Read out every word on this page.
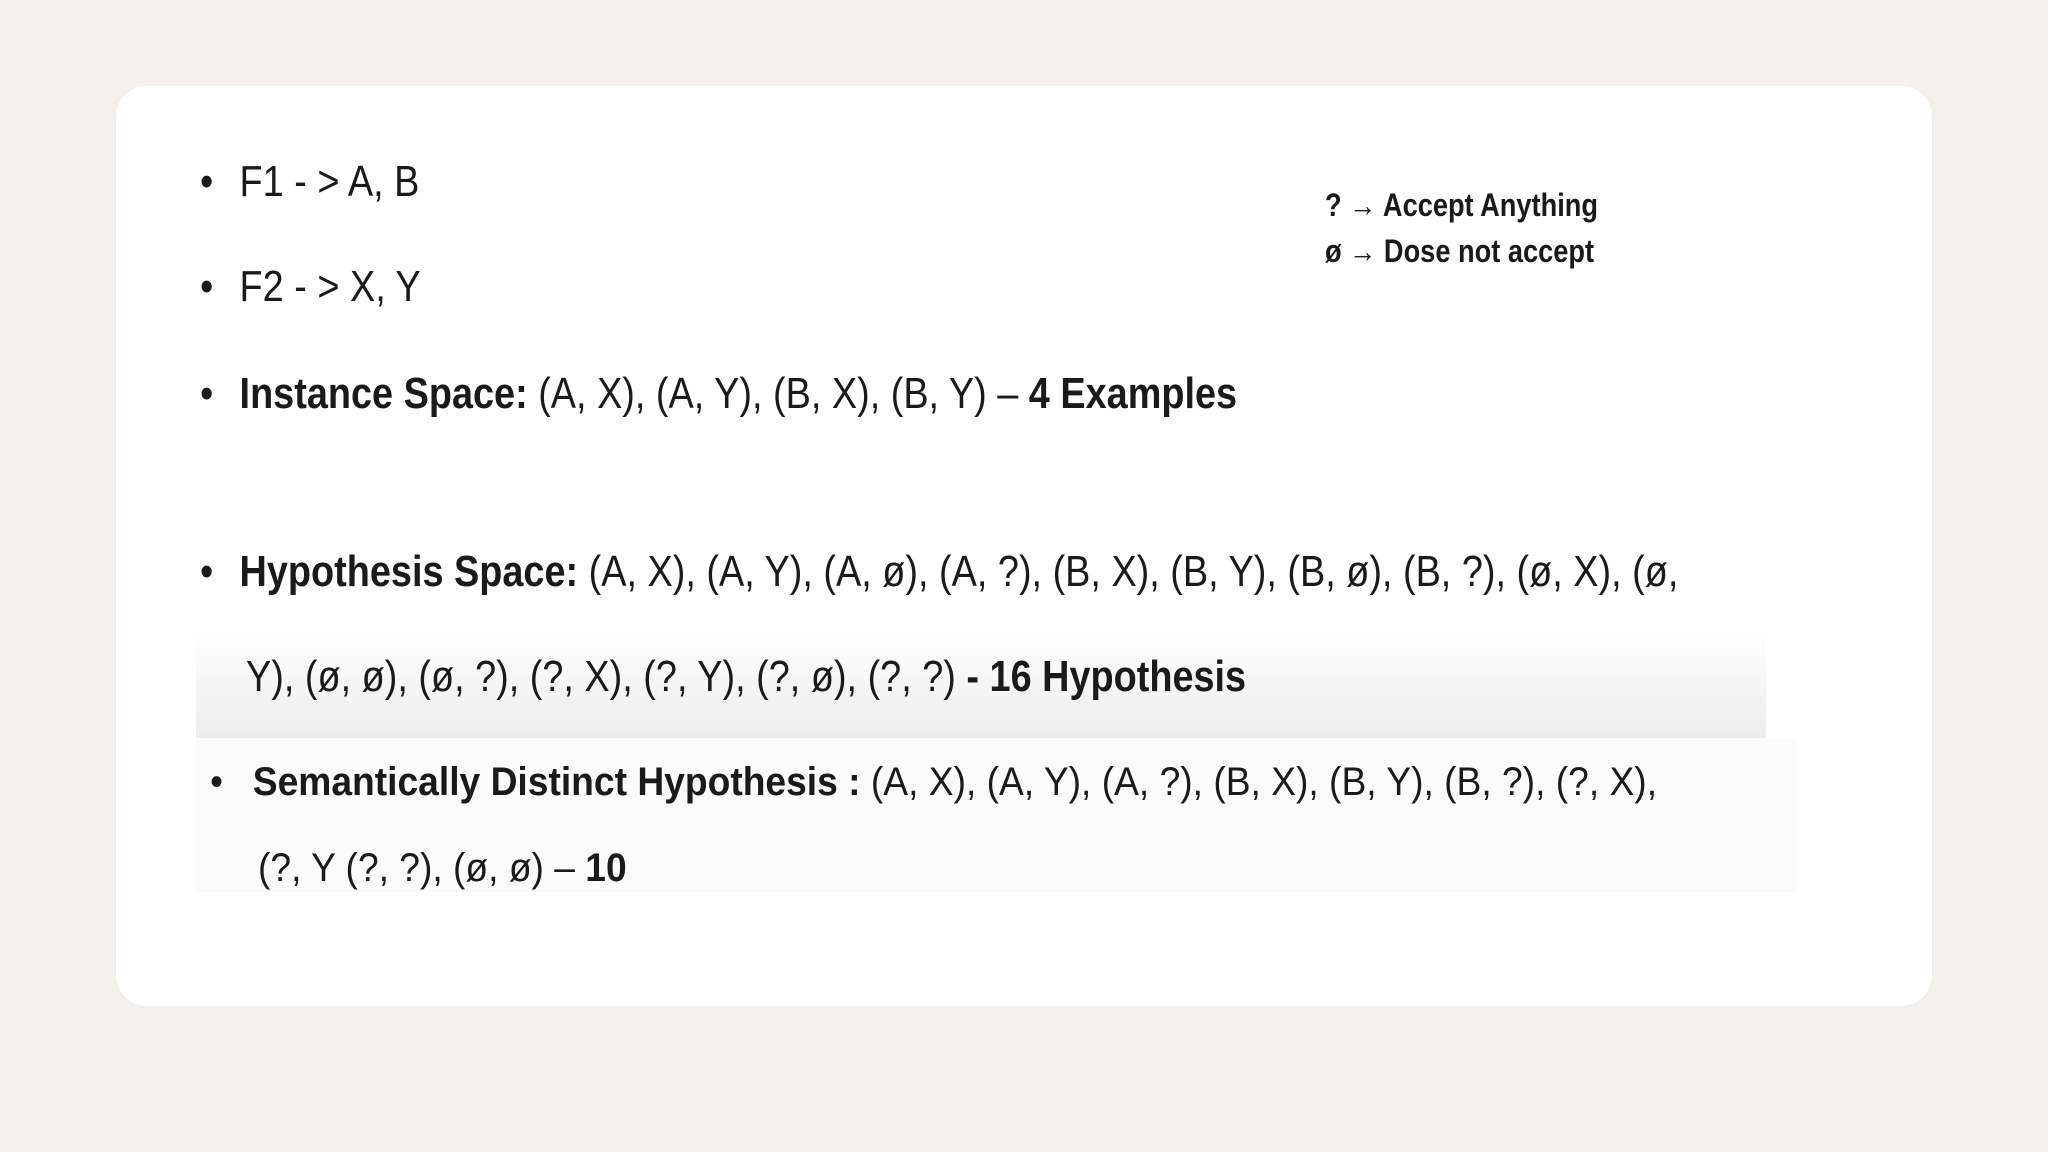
? → Accept Anything
ø → Dose not accept
• F1 - > A, B
• F2 - > X, Y
• Instance Space: (A, X), (A, Y), (B, X), (B, Y) – 4 Examples
• Hypothesis Space: (A, X), (A, Y), (A, ø), (A, ?), (B, X), (B, Y), (B, ø), (B, ?), (ø, X), (ø,
Y), (ø, ø), (ø, ?), (?, X), (?, Y), (?, ø), (?, ?) - 16 Hypothesis
• Semantically Distinct Hypothesis : (A, X), (A, Y), (A, ?), (B, X), (B, Y), (B, ?), (?, X),
(?, Y (?, ?), (ø, ø) – 10
